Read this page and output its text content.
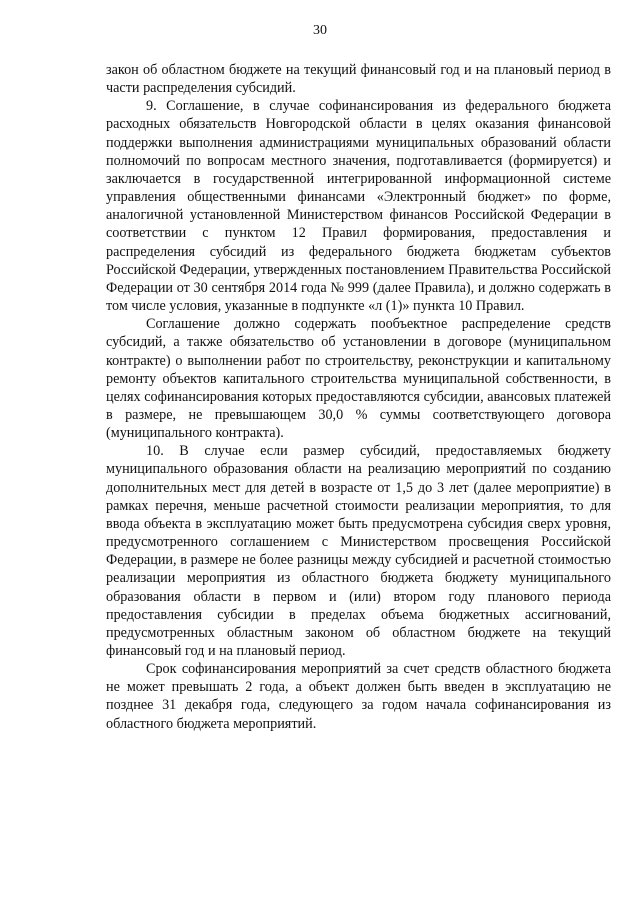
30

закон об областном бюджете на текущий финансовый год и на плановый период в части распределения субсидий.

9. Соглашение, в случае софинансирования из федерального бюджета расходных обязательств Новгородской области в целях оказания финансовой поддержки выполнения администрациями муниципальных образований области полномочий по вопросам местного значения, подготавливается (формируется) и заключается в государственной интегрированной информационной системе управления общественными финансами «Электронный бюджет» по форме, аналогичной установленной Министерством финансов Российской Федерации в соответствии с пунктом 12 Правил формирования, предоставления и распределения субсидий из федерального бюджета бюджетам субъектов Российской Федерации, утвержденных постановлением Правительства Российской Федерации от 30 сентября 2014 года № 999 (далее Правила), и должно содержать в том числе условия, указанные в подпункте «л (1)» пункта 10 Правил.

Соглашение должно содержать пообъектное распределение средств субсидий, а также обязательство об установлении в договоре (муниципальном контракте) о выполнении работ по строительству, реконструкции и капитальному ремонту объектов капитального строительства муниципальной собственности, в целях софинансирования которых предоставляются субсидии, авансовых платежей в размере, не превышающем 30,0 % суммы соответствующего договора (муниципального контракта).

10. В случае если размер субсидий, предоставляемых бюджету муниципального образования области на реализацию мероприятий по созданию дополнительных мест для детей в возрасте от 1,5 до 3 лет (далее мероприятие) в рамках перечня, меньше расчетной стоимости реализации мероприятия, то для ввода объекта в эксплуатацию может быть предусмотрена субсидия сверх уровня, предусмотренного соглашением с Министерством просвещения Российской Федерации, в размере не более разницы между субсидией и расчетной стоимостью реализации мероприятия из областного бюджета бюджету муниципального образования области в первом и (или) втором году планового периода предоставления субсидии в пределах объема бюджетных ассигнований, предусмотренных областным законом об областном бюджете на текущий финансовый год и на плановый период.

Срок софинансирования мероприятий за счет средств областного бюджета не может превышать 2 года, а объект должен быть введен в эксплуатацию не позднее 31 декабря года, следующего за годом начала софинансирования из областного бюджета мероприятий.
